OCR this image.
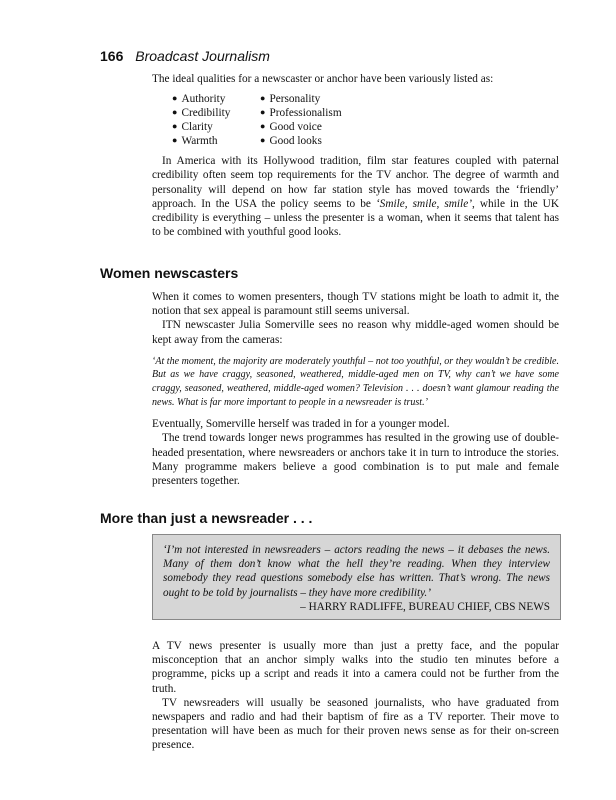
166 Broadcast Journalism

The ideal qualities for a newscaster or anchor have been variously listed as:

● Authority
● Credibility
● Clarity
● Warmth
● Personality
● Professionalism
● Good voice
● Good looks

In America with its Hollywood tradition, film star features coupled with paternal credibility often seem top requirements for the TV anchor. The degree of warmth and personality will depend on how far station style has moved towards the ‘friendly’ approach. In the USA the policy seems to be ‘Smile, smile, smile’, while in the UK credibility is everything – unless the presenter is a woman, when it seems that talent has to be combined with youthful good looks.

Women newscasters

When it comes to women presenters, though TV stations might be loath to admit it, the notion that sex appeal is paramount still seems universal.

ITN newscaster Julia Somerville sees no reason why middle-aged women should be kept away from the cameras:

‘At the moment, the majority are moderately youthful – not too youthful, or they wouldn’t be credible. But as we have craggy, seasoned, weathered, middle-aged men on TV, why can’t we have some craggy, seasoned, weathered, middle-aged women? Television . . . doesn’t want glamour reading the news. What is far more important to people in a newsreader is trust.’

Eventually, Somerville herself was traded in for a younger model.

The trend towards longer news programmes has resulted in the growing use of double-headed presentation, where newsreaders or anchors take it in turn to introduce the stories. Many programme makers believe a good combination is to put male and female presenters together.

More than just a newsreader . . .

‘I’m not interested in newsreaders – actors reading the news – it debases the news. Many of them don’t know what the hell they’re reading. When they interview somebody they read questions somebody else has written. That’s wrong. The news ought to be told by journalists – they have more credibility.’

– HARRY RADLIFFE, BUREAU CHIEF, CBS NEWS

A TV news presenter is usually more than just a pretty face, and the popular misconception that an anchor simply walks into the studio ten minutes before a programme, picks up a script and reads it into a camera could not be further from the truth.

TV newsreaders will usually be seasoned journalists, who have graduated from newspapers and radio and had their baptism of fire as a TV reporter. Their move to presentation will have been as much for their proven news sense as for their on-screen presence.
